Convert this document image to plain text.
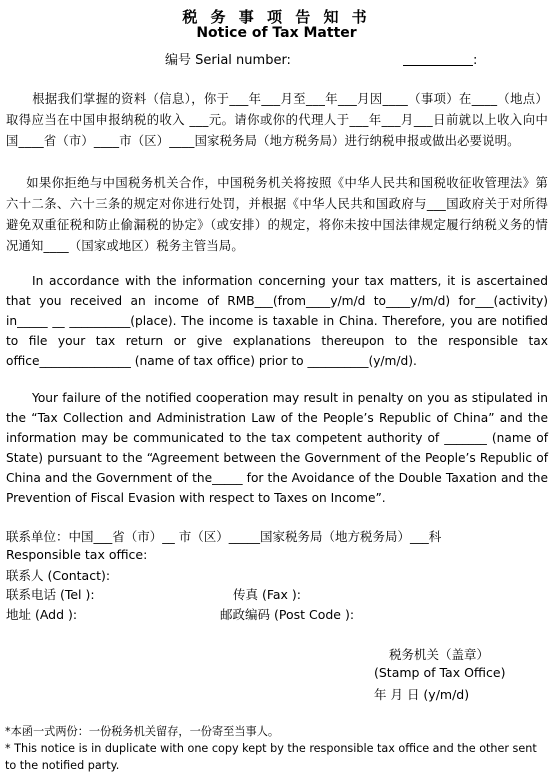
税 务 事 项 告 知 书
Notice of Tax Matter
编号 Serial number:	:

根据我们掌握的资料（信息），你于___年___月至___年___月因____（事项）在____（地点）取得应当在中国申报纳税的收入 ___元。请你或你的代理人于___年___月___日前就以上收入向中国____省（市）____市（区）____国家税务局（地方税务局）进行纳税申报或做出必要说明。

如果你拒绝与中国税务机关合作，中国税务机关将按照《中华人民共和国税收征收管理法》第六十二条、六十三条的规定对你进行处罚，并根据《中华人民共和国政府与___国政府关于对所得避免双重征税和防止偷漏税的协定》（或安排）的规定，将你未按中国法律规定履行纳税义务的情况通知____（国家或地区）税务主管当局。

In accordance with the information concerning your tax matters, it is ascertained that you received an income of RMB___(from____y/m/d to____y/m/d) for___(activity) in_____ __ __________(place). The income is taxable in China. Therefore, you are notified to file your tax return or give explanations thereupon to the responsible tax office_______________ (name of tax office) prior to __________(y/m/d).

Your failure of the notified cooperation may result in penalty on you as stipulated in the “Tax Collection and Administration Law of the People’s Republic of China” and the information may be communicated to the tax competent authority of _______ (name of State) pursuant to the “Agreement between the Government of the People’s Republic of China and the Government of the_____ for the Avoidance of the Double Taxation and the Prevention of Fiscal Evasion with respect to Taxes on Income”.

联系单位：中国___省（市）__ 市（区）_____国家税务局（地方税务局）___科
Responsible tax office:
联系人 (Contact):
联系电话 (Tel ):	传真 (Fax ):
地址 (Add ):	邮政编码 (Post Code ):
税务机关（盖章）
(Stamp of Tax Office)
年 月 日 (y/m/d)
*本函一式两份：一份税务机关留存，一份寄至当事人。
* This notice is in duplicate with one copy kept by the responsible tax office and the other sent to the notified party.
